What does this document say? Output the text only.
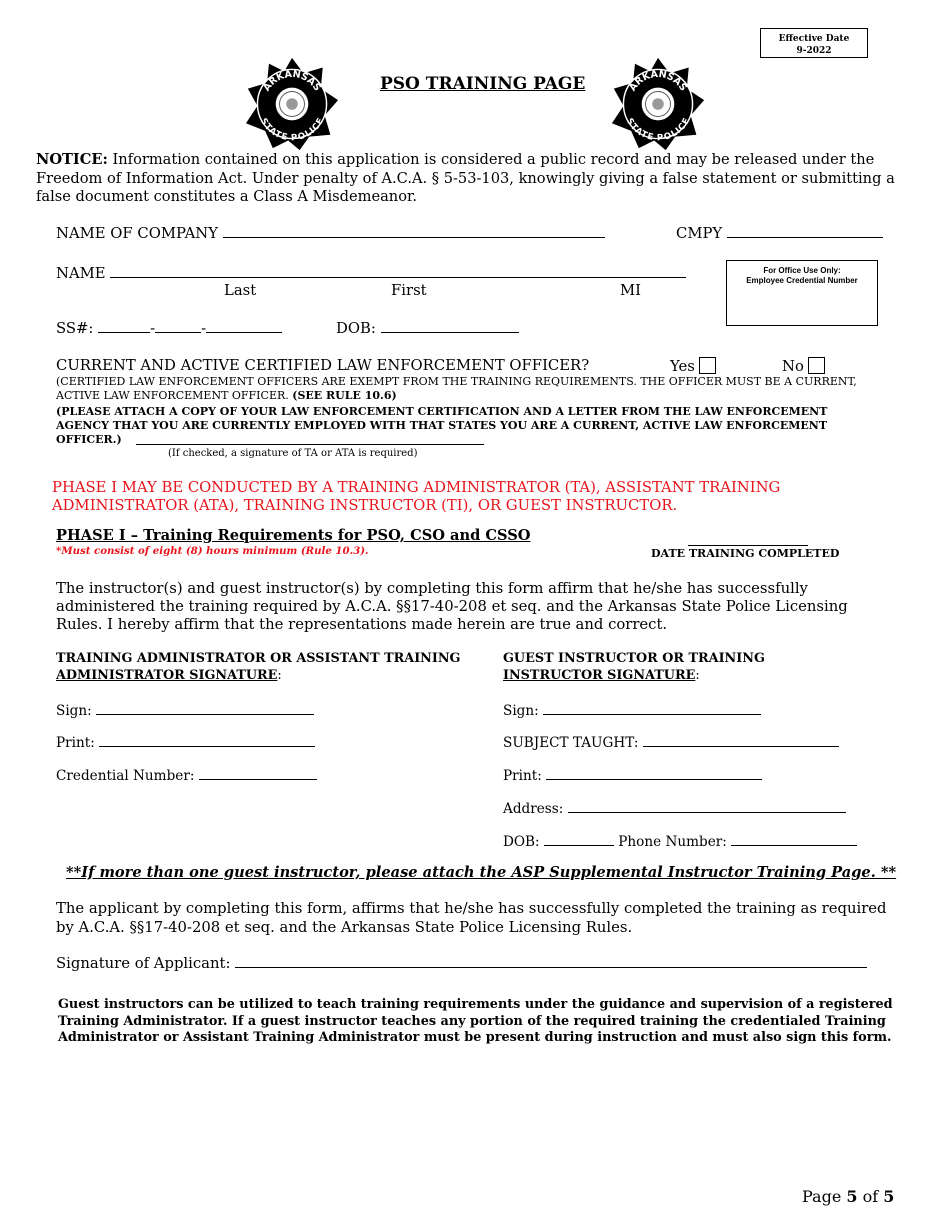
Effective Date
9-2022
ARKANSAS
STATE POLICE
PSO TRAINING PAGE	ARKANSAS
STATE POLICE
NOTICE: Information contained on this application is considered a public record and may be released under the Freedom of Information Act. Under penalty of A.C.A. § 5-53-103, knowingly giving a false statement or submitting a false document constitutes a Class A Misdemeanor.
NAME OF COMPANY	CMPY
NAME
Last	First	MI
For Office Use Only:
Employee Credential Number
SS#:	-	-	DOB:
CURRENT AND ACTIVE CERTIFIED LAW ENFORCEMENT OFFICER?	Yes	No
(CERTIFIED LAW ENFORCEMENT OFFICERS ARE EXEMPT FROM THE TRAINING REQUIREMENTS. THE OFFICER MUST BE A CURRENT, ACTIVE LAW ENFORCEMENT OFFICER. (SEE RULE 10.6)
(PLEASE ATTACH A COPY OF YOUR LAW ENFORCEMENT CERTIFICATION AND A LETTER FROM THE LAW ENFORCEMENT AGENCY THAT YOU ARE CURRENTLY EMPLOYED WITH THAT STATES YOU ARE A CURRENT, ACTIVE LAW ENFORCEMENT OFFICER.)
(If checked, a signature of TA or ATA is required)
PHASE I MAY BE CONDUCTED BY A TRAINING ADMINISTRATOR (TA), ASSISTANT TRAINING ADMINISTRATOR (ATA), TRAINING INSTRUCTOR (TI), OR GUEST INSTRUCTOR.
PHASE I – Training Requirements for PSO, CSO and CSSO
*Must consist of eight (8) hours minimum (Rule 10.3).	DATE TRAINING COMPLETED
The instructor(s) and guest instructor(s) by completing this form affirm that he/she has successfully administered the training required by A.C.A. §§17-40-208 et seq. and the Arkansas State Police Licensing Rules. I hereby affirm that the representations made herein are true and correct.
TRAINING ADMINISTRATOR OR ASSISTANT TRAINING
ADMINISTRATOR SIGNATURE:
Sign:
Print:
Credential Number:
GUEST INSTRUCTOR OR TRAINING
INSTRUCTOR SIGNATURE:
Sign:
SUBJECT TAUGHT:
Print:
Address:
DOB:	Phone Number:
**If more than one guest instructor, please attach the ASP Supplemental Instructor Training Page. **
The applicant by completing this form, affirms that he/she has successfully completed the training as required by A.C.A. §§17-40-208 et seq. and the Arkansas State Police Licensing Rules.
Signature of Applicant:
Guest instructors can be utilized to teach training requirements under the guidance and supervision of a registered Training Administrator. If a guest instructor teaches any portion of the required training the credentialed Training Administrator or Assistant Training Administrator must be present during instruction and must also sign this form.
Page 5 of 5
